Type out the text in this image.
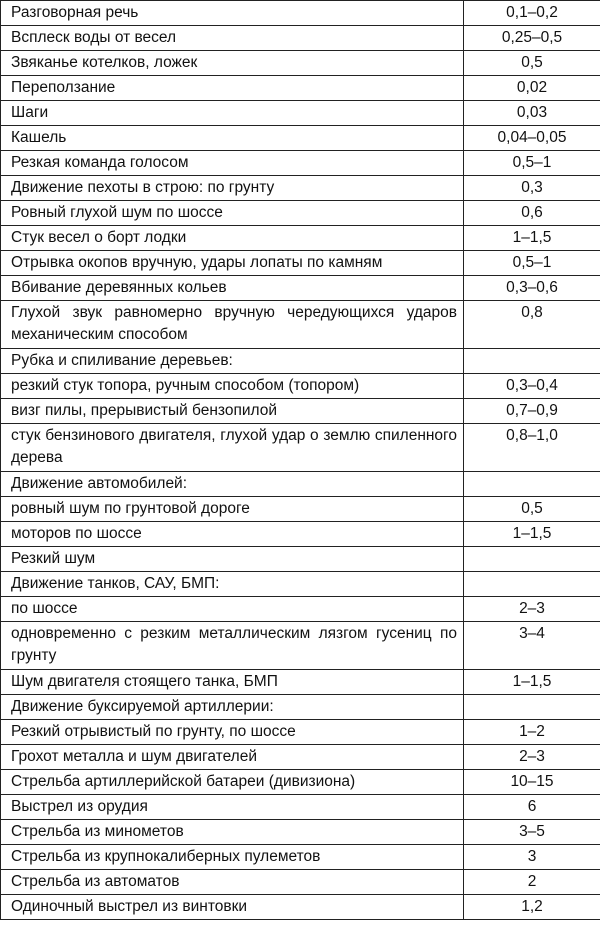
Разговорная речь	0,1–0,2
Всплеск воды от весел	0,25–0,5
Звяканье котелков, ложек	0,5
Переползание	0,02
Шаги	0,03
Кашель	0,04–0,05
Резкая команда голосом	0,5–1
Движение пехоты в строю: по грунту	0,3
Ровный глухой шум по шоссе	0,6
Стук весел о борт лодки	1–1,5
Отрывка окопов вручную, удары лопаты по камням	0,5–1
Вбивание деревянных кольев	0,3–0,6
Глухой звук равномерно вручную чередующихся ударов механическим способом	0,8
Рубка и спиливание деревьев:	
резкий стук топора, ручным способом (топором)	0,3–0,4
визг пилы, прерывистый бензопилой	0,7–0,9
стук бензинового двигателя, глухой удар о землю спиленного дерева	0,8–1,0
Движение автомобилей:	
ровный шум по грунтовой дороге	0,5
моторов по шоссе	1–1,5
Резкий шум	
Движение танков, САУ, БМП:	
по шоссе	2–3
одновременно с резким металлическим лязгом гусениц по грунту	3–4
Шум двигателя стоящего танка, БМП	1–1,5
Движение буксируемой артиллерии:	
Резкий отрывистый по грунту, по шоссе	1–2
Грохот металла и шум двигателей	2–3
Стрельба артиллерийской батареи (дивизиона)	10–15
Выстрел из орудия	6
Стрельба из минометов	3–5
Стрельба из крупнокалиберных пулеметов	3
Стрельба из автоматов	2
Одиночный выстрел из винтовки	1,2
